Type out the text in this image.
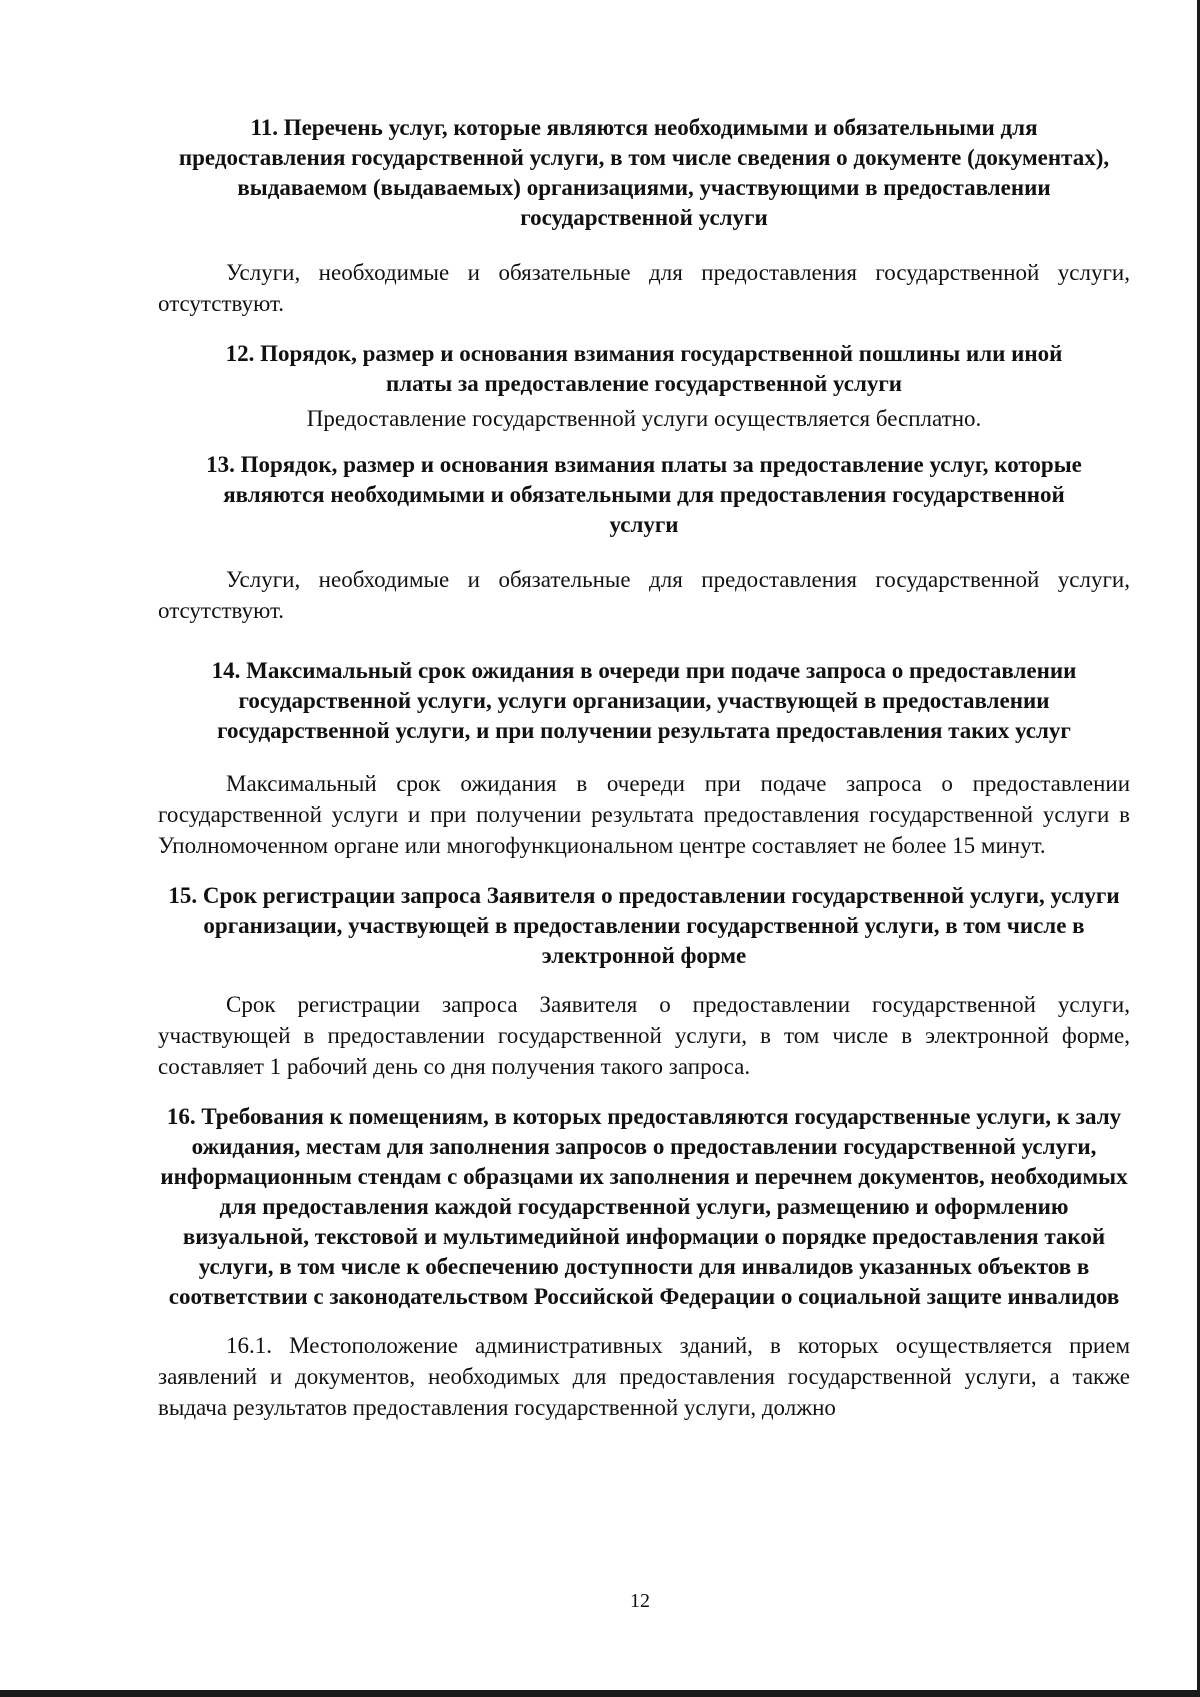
11. Перечень услуг, которые являются необходимыми и обязательными для предоставления государственной услуги, в том числе сведения о документе (документах), выдаваемом (выдаваемых) организациями, участвующими в предоставлении государственной услуги

Услуги, необходимые и обязательные для предоставления государственной услуги, отсутствуют.

12. Порядок, размер и основания взимания государственной пошлины или иной платы за предоставление государственной услуги

Предоставление государственной услуги осуществляется бесплатно.

13. Порядок, размер и основания взимания платы за предоставление услуг, которые являются необходимыми и обязательными для предоставления государственной услуги

Услуги, необходимые и обязательные для предоставления государственной услуги, отсутствуют.

14. Максимальный срок ожидания в очереди при подаче запроса о предоставлении государственной услуги, услуги организации, участвующей в предоставлении государственной услуги, и при получении результата предоставления таких услуг

Максимальный срок ожидания в очереди при подаче запроса о предоставлении государственной услуги и при получении результата предоставления государственной услуги в Уполномоченном органе или многофункциональном центре составляет не более 15 минут.

15. Срок регистрации запроса Заявителя о предоставлении государственной услуги, услуги организации, участвующей в предоставлении государственной услуги, в том числе в электронной форме

Срок регистрации запроса Заявителя о предоставлении государственной услуги, участвующей в предоставлении государственной услуги, в том числе в электронной форме, составляет 1 рабочий день со дня получения такого запроса.

16. Требования к помещениям, в которых предоставляются государственные услуги, к залу ожидания, местам для заполнения запросов о предоставлении государственной услуги, информационным стендам с образцами их заполнения и перечнем документов, необходимых для предоставления каждой государственной услуги, размещению и оформлению визуальной, текстовой и мультимедийной информации о порядке предоставления такой услуги, в том числе к обеспечению доступности для инвалидов указанных объектов в соответствии с законодательством Российской Федерации о социальной защите инвалидов

16.1. Местоположение административных зданий, в которых осуществляется прием заявлений и документов, необходимых для предоставления государственной услуги, а также выдача результатов предоставления государственной услуги, должно

12
